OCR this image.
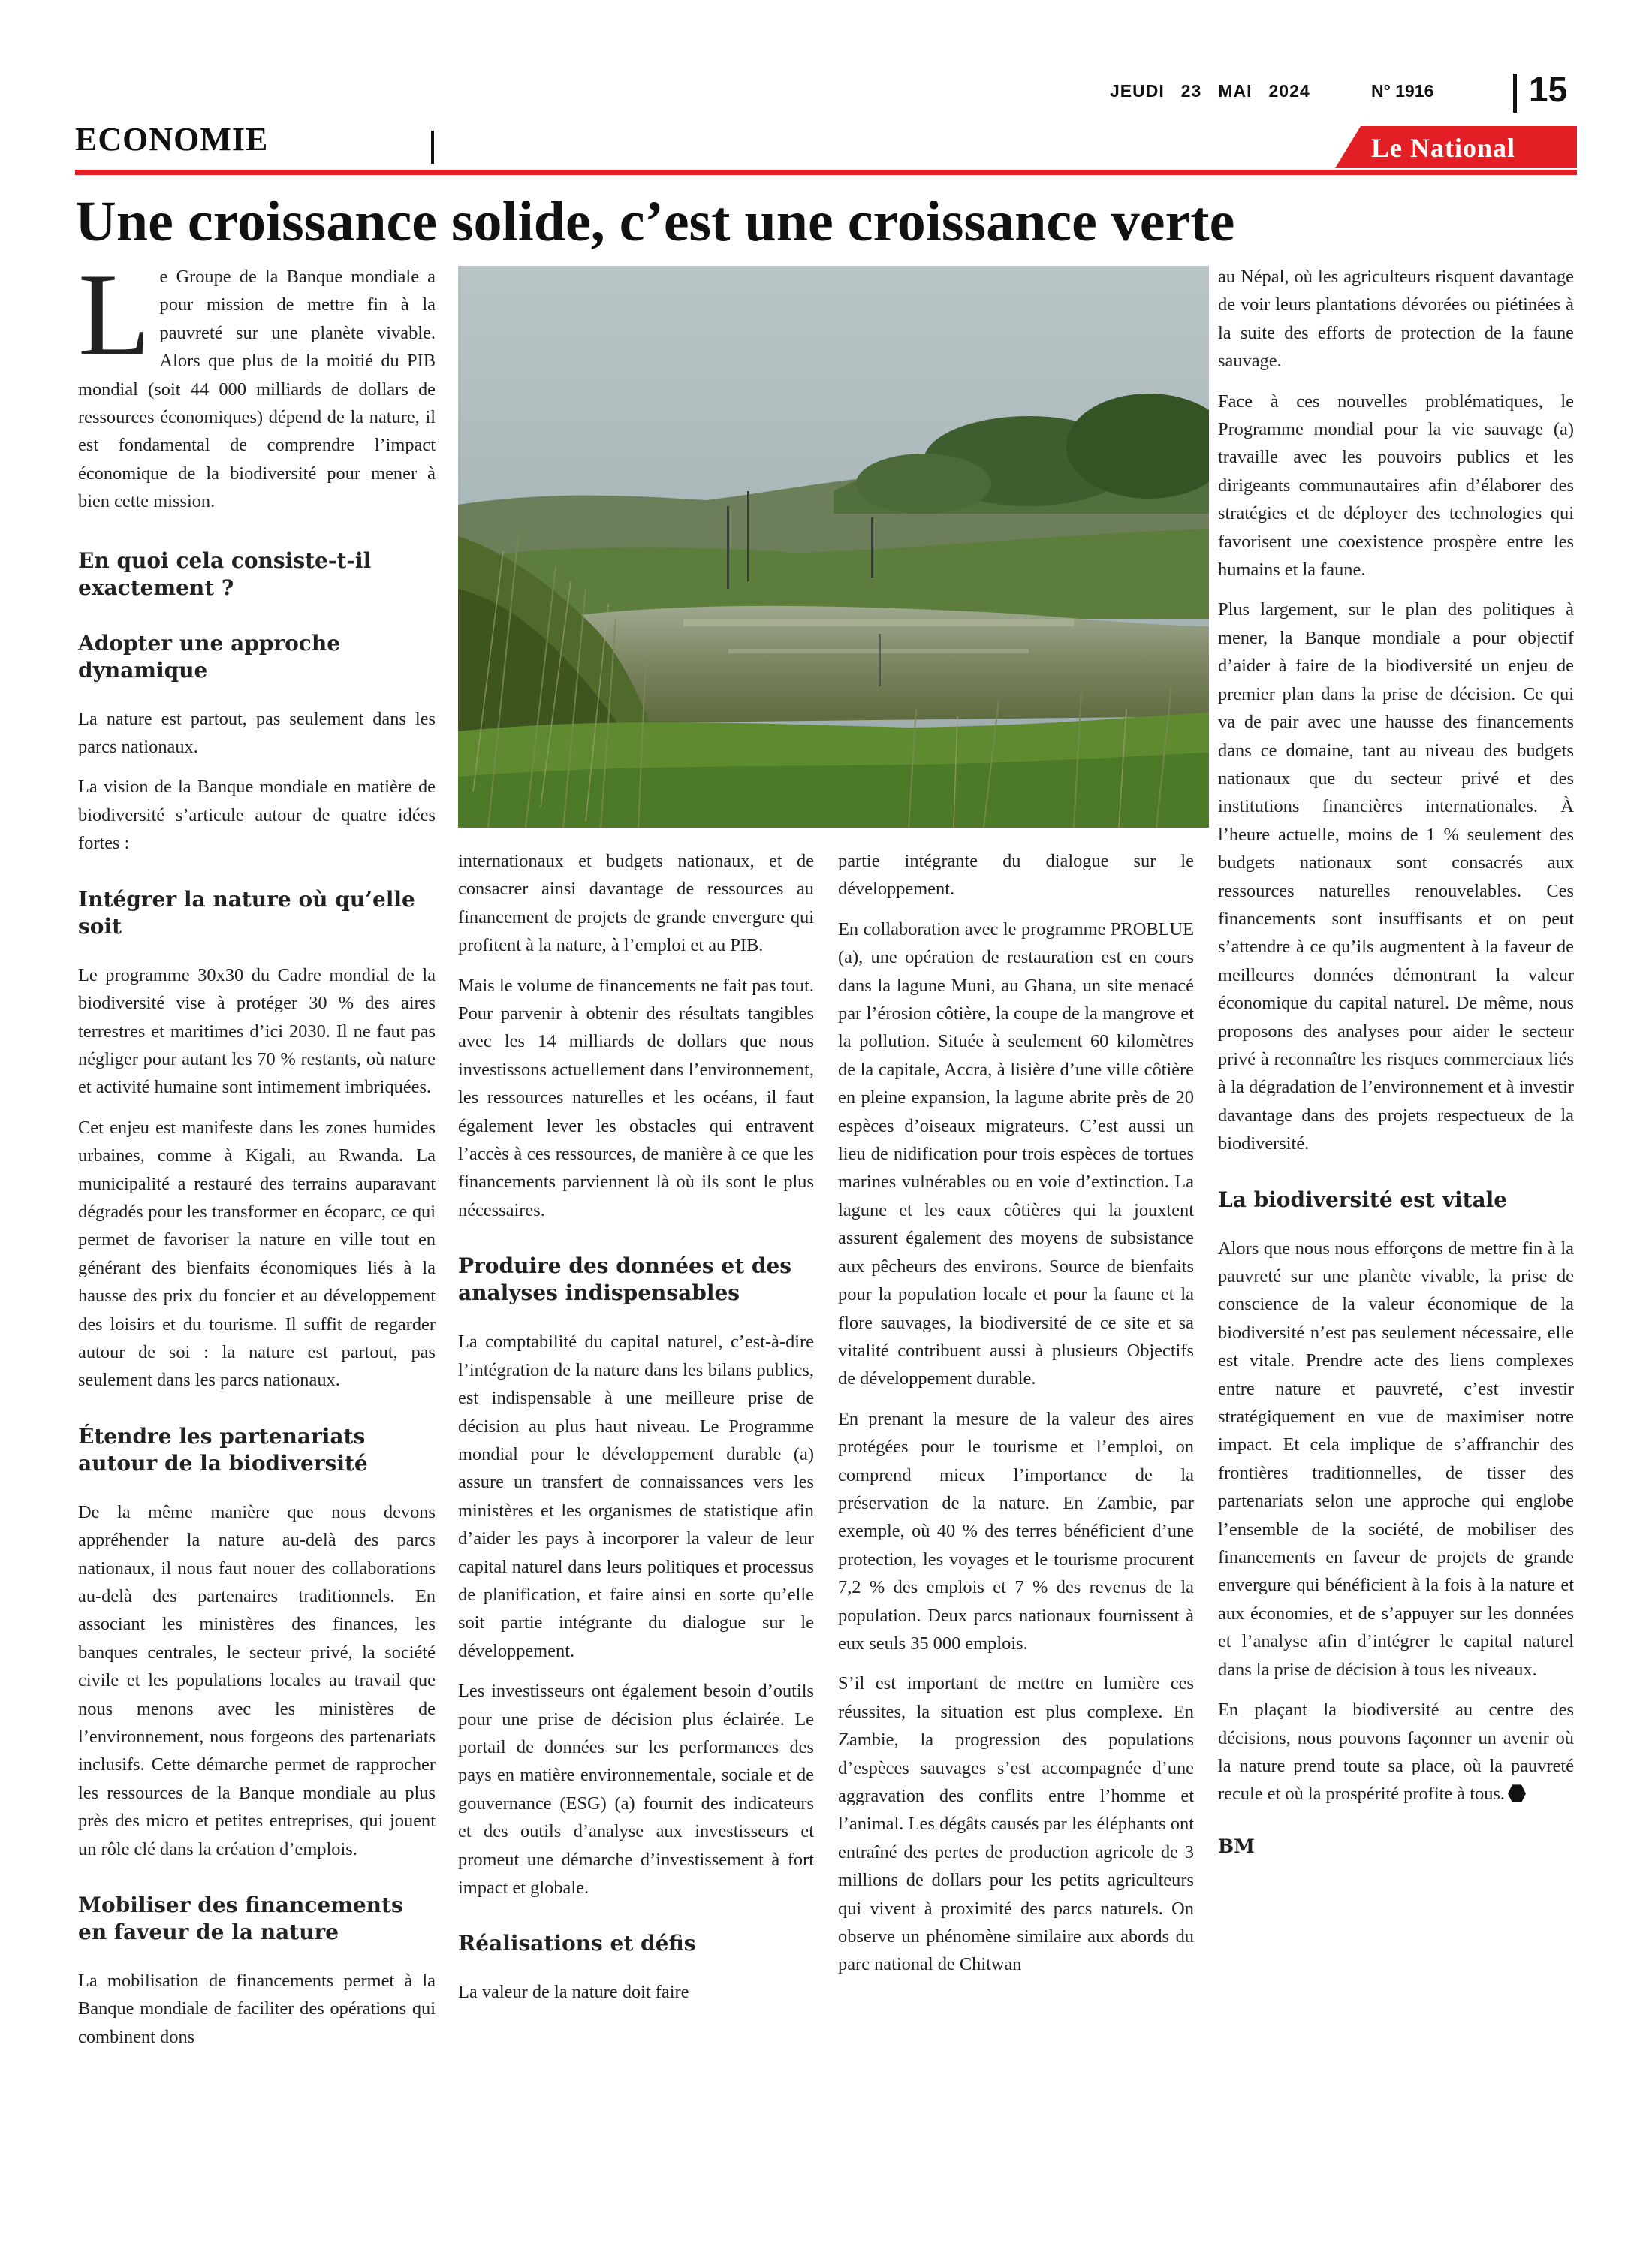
JEUDI 23 MAI 2024	N° 1916	15
ECONOMIE	Le National
Une croissance solide, c’est une croissance verte

Le Groupe de la Banque mondiale a pour mission de mettre fin à la pauvreté sur une planète vivable. Alors que plus de la moitié du PIB mondial (soit 44 000 milliards de dollars de ressources économiques) dépend de la nature, il est fondamental de comprendre l’impact économique de la biodiversité pour mener à bien cette mission.

En quoi cela consiste-t-il exactement ?
Adopter une approche dynamique

La nature est partout, pas seulement dans les parcs nationaux.

La vision de la Banque mondiale en matière de biodiversité s’articule autour de quatre idées fortes :

Intégrer la nature où qu’elle soit

Le programme 30x30 du Cadre mondial de la biodiversité vise à protéger 30 % des aires terrestres et maritimes d’ici 2030. Il ne faut pas négliger pour autant les 70 % restants, où nature et activité humaine sont intimement imbriquées.

Cet enjeu est manifeste dans les zones humides urbaines, comme à Kigali, au Rwanda. La municipalité a restauré des terrains auparavant dégradés pour les transformer en écoparc, ce qui permet de favoriser la nature en ville tout en générant des bienfaits économiques liés à la hausse des prix du foncier et au développement des loisirs et du tourisme. Il suffit de regarder autour de soi : la nature est partout, pas seulement dans les parcs nationaux.

Étendre les partenariats autour de la biodiversité

De la même manière que nous devons appréhender la nature au-delà des parcs nationaux, il nous faut nouer des collaborations au-delà des partenaires traditionnels. En associant les ministères des finances, les banques centrales, le secteur privé, la société civile et les populations locales au travail que nous menons avec les ministères de l’environnement, nous forgeons des partenariats inclusifs. Cette démarche permet de rapprocher les ressources de la Banque mondiale au plus près des micro et petites entreprises, qui jouent un rôle clé dans la création d’emplois.

Mobiliser des financements en faveur de la nature

La mobilisation de financements permet à la Banque mondiale de faciliter des opérations qui combinent dons

internationaux et budgets nationaux, et de consacrer ainsi davantage de ressources au financement de projets de grande envergure qui profitent à la nature, à l’emploi et au PIB.

Mais le volume de financements ne fait pas tout. Pour parvenir à obtenir des résultats tangibles avec les 14 milliards de dollars que nous investissons actuellement dans l’environnement, les ressources naturelles et les océans, il faut également lever les obstacles qui entravent l’accès à ces ressources, de manière à ce que les financements parviennent là où ils sont le plus nécessaires.

Produire des données et des analyses indispensables

La comptabilité du capital naturel, c’est-à-dire l’intégration de la nature dans les bilans publics, est indispensable à une meilleure prise de décision au plus haut niveau. Le Programme mondial pour le développement durable (a) assure un transfert de connaissances vers les ministères et les organismes de statistique afin d’aider les pays à incorporer la valeur de leur capital naturel dans leurs politiques et processus de planification, et faire ainsi en sorte qu’elle soit partie intégrante du dialogue sur le développement.

Les investisseurs ont également besoin d’outils pour une prise de décision plus éclairée. Le portail de données sur les performances des pays en matière environnementale, sociale et de gouvernance (ESG) (a) fournit des indicateurs et des outils d’analyse aux investisseurs et promeut une démarche d’investissement à fort impact et globale.

Réalisations et défis

La valeur de la nature doit faire

partie intégrante du dialogue sur le développement.

En collaboration avec le programme PROBLUE (a), une opération de restauration est en cours dans la lagune Muni, au Ghana, un site menacé par l’érosion côtière, la coupe de la mangrove et la pollution. Située à seulement 60 kilomètres de la capitale, Accra, à lisière d’une ville côtière en pleine expansion, la lagune abrite près de 20 espèces d’oiseaux migrateurs. C’est aussi un lieu de nidification pour trois espèces de tortues marines vulnérables ou en voie d’extinction. La lagune et les eaux côtières qui la jouxtent assurent également des moyens de subsistance aux pêcheurs des environs. Source de bienfaits pour la population locale et pour la faune et la flore sauvages, la biodiversité de ce site et sa vitalité contribuent aussi à plusieurs Objectifs de développement durable.

En prenant la mesure de la valeur des aires protégées pour le tourisme et l’emploi, on comprend mieux l’importance de la préservation de la nature. En Zambie, par exemple, où 40 % des terres bénéficient d’une protection, les voyages et le tourisme procurent 7,2 % des emplois et 7 % des revenus de la population. Deux parcs nationaux fournissent à eux seuls 35 000 emplois.

S’il est important de mettre en lumière ces réussites, la situation est plus complexe. En Zambie, la progression des populations d’espèces sauvages s’est accompagnée d’une aggravation des conflits entre l’homme et l’animal. Les dégâts causés par les éléphants ont entraîné des pertes de production agricole de 3 millions de dollars pour les petits agriculteurs qui vivent à proximité des parcs naturels. On observe un phénomène similaire aux abords du parc national de Chitwan

au Népal, où les agriculteurs risquent davantage de voir leurs plantations dévorées ou piétinées à la suite des efforts de protection de la faune sauvage.

Face à ces nouvelles problématiques, le Programme mondial pour la vie sauvage (a) travaille avec les pouvoirs publics et les dirigeants communautaires afin d’élaborer des stratégies et de déployer des technologies qui favorisent une coexistence prospère entre les humains et la faune.

Plus largement, sur le plan des politiques à mener, la Banque mondiale a pour objectif d’aider à faire de la biodiversité un enjeu de premier plan dans la prise de décision. Ce qui va de pair avec une hausse des financements dans ce domaine, tant au niveau des budgets nationaux que du secteur privé et des institutions financières internationales. À l’heure actuelle, moins de 1 % seulement des budgets nationaux sont consacrés aux ressources naturelles renouvelables. Ces financements sont insuffisants et on peut s’attendre à ce qu’ils augmentent à la faveur de meilleures données démontrant la valeur économique du capital naturel. De même, nous proposons des analyses pour aider le secteur privé à reconnaître les risques commerciaux liés à la dégradation de l’environnement et à investir davantage dans des projets respectueux de la biodiversité.

La biodiversité est vitale

Alors que nous nous efforçons de mettre fin à la pauvreté sur une planète vivable, la prise de conscience de la valeur économique de la biodiversité n’est pas seulement nécessaire, elle est vitale. Prendre acte des liens complexes entre nature et pauvreté, c’est investir stratégiquement en vue de maximiser notre impact. Et cela implique de s’affranchir des frontières traditionnelles, de tisser des partenariats selon une approche qui englobe l’ensemble de la société, de mobiliser des financements en faveur de projets de grande envergure qui bénéficient à la fois à la nature et aux économies, et de s’appuyer sur les données et l’analyse afin d’intégrer le capital naturel dans la prise de décision à tous les niveaux.

En plaçant la biodiversité au centre des décisions, nous pouvons façonner un avenir où la nature prend toute sa place, où la pauvreté recule et où la prospérité profite à tous.

BM
